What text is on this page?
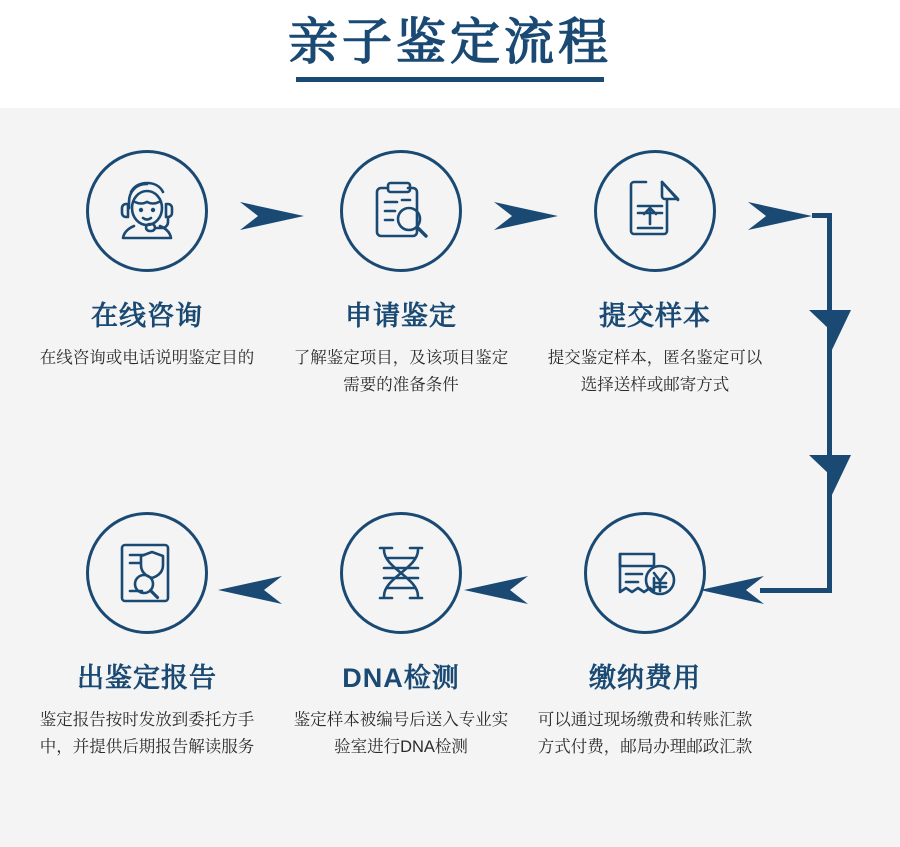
亲子鉴定流程
在线咨询
在线咨询或电话说明鉴定目的
申请鉴定
了解鉴定项目，及该项目鉴定需要的准备条件
提交样本
提交鉴定样本，匿名鉴定可以选择送样或邮寄方式
缴纳费用
可以通过现场缴费和转账汇款方式付费，邮局办理邮政汇款
DNA检测
鉴定样本被编号后送入专业实验室进行DNA检测
出鉴定报告
鉴定报告按时发放到委托方手中，并提供后期报告解读服务
